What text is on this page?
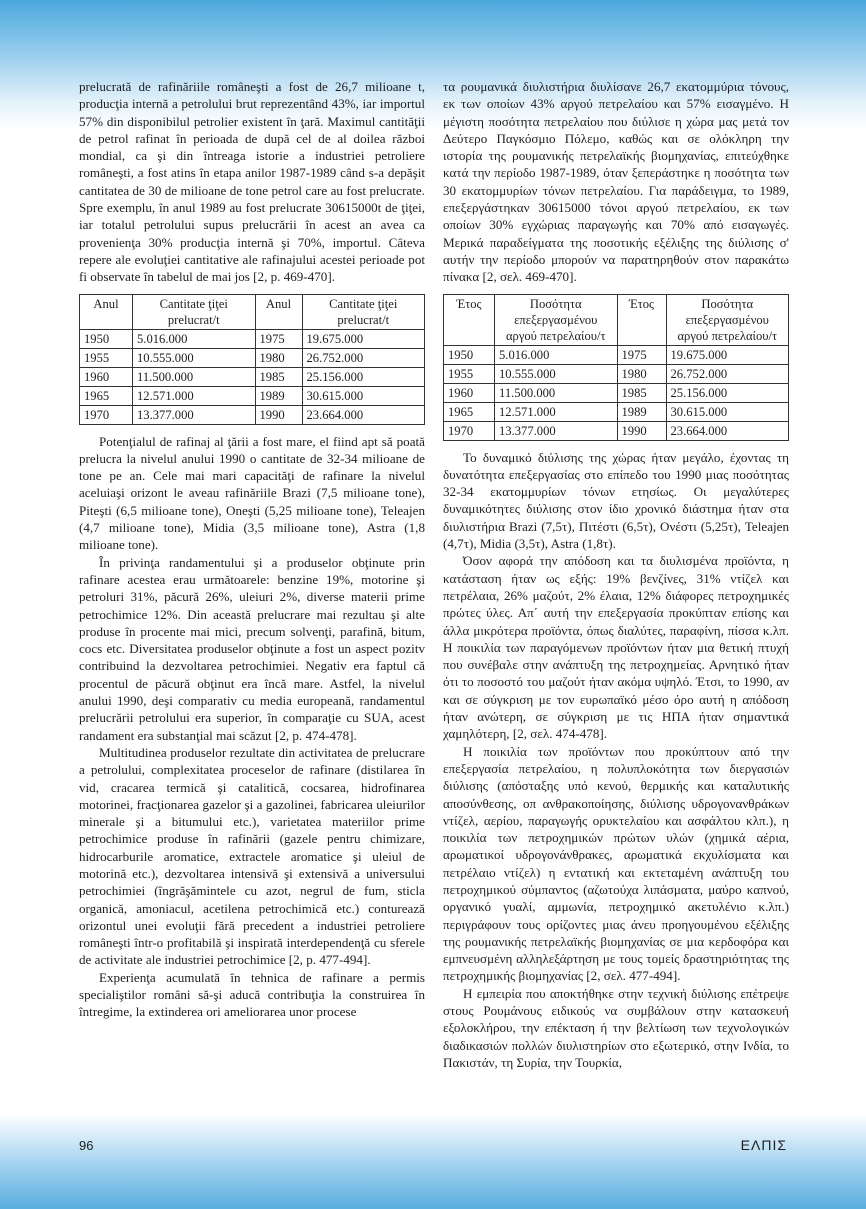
prelucrată de rafinăriile româneşti a fost de 26,7 milioane t, producţia internă a petrolului brut reprezentând 43%, iar importul 57% din disponibilul petrolier existent în ţară. Maximul cantităţii de petrol rafinat în perioada de după cel de al doilea război mondial, ca şi din întreaga istorie a industriei petroliere româneşti, a fost atins în etapa anilor 1987-1989 când s-a depăşit cantitatea de 30 de milioane de tone petrol care au fost prelucrate. Spre exemplu, în anul 1989 au fost prelucrate 30615000t de ţiţei, iar totalul petrolului supus prelucrării în acest an avea ca provenienţa 30% producţia internă şi 70%, importul. Câteva repere ale evoluţiei cantitative ale rafinajului acestei perioade pot fi observate în tabelul de mai jos [2, p. 469-470].

Anul	Cantitate ţiţei prelucrat/t	Anul	Cantitate ţiţei prelucrat/t
1950	5.016.000	1975	19.675.000
1955	10.555.000	1980	26.752.000
1960	11.500.000	1985	25.156.000
1965	12.571.000	1989	30.615.000
1970	13.377.000	1990	23.664.000

Potenţialul de rafinaj al ţării a fost mare, el fiind apt să poată prelucra la nivelul anului 1990 o cantitate de 32-34 milioane de tone pe an. Cele mai mari capacităţi de rafinare la nivelul aceluiaşi orizont le aveau rafinăriile Brazi (7,5 milioane tone), Piteşti (6,5 milioane tone), Oneşti (5,25 milioane tone), Teleajen (4,7 milioane tone), Midia (3,5 milioane tone), Astra (1,8 milioane tone).

În privinţa randamentului şi a produselor obţinute prin rafinare acestea erau următoarele: benzine 19%, motorine şi petroluri 31%, păcură 26%, uleiuri 2%, diverse materii prime petrochimice 12%. Din această prelucrare mai rezultau şi alte produse în procente mai mici, precum solvenţi, parafină, bitum, cocs etc. Diversitatea produselor obţinute a fost un aspect pozitv contribuind la dezvoltarea petrochimiei. Negativ era faptul că procentul de păcură obţinut era încă mare. Astfel, la nivelul anului 1990, deşi comparativ cu media europeană, randamentul prelucrării petrolului era superior, în comparaţie cu SUA, acest randament era substanţial mai scăzut [2, p. 474-478].

Multitudinea produselor rezultate din activitatea de prelucrare a petrolului, complexitatea proceselor de rafinare (distilarea în vid, cracarea termică şi catalitică, cocsarea, hidrofinarea motorinei, fracţionarea gazelor şi a gazolinei, fabricarea uleiurilor minerale şi a bitumului etc.), varietatea materiilor prime petrochimice produse în rafinării (gazele pentru chimizare, hidrocarburile aromatice, extractele aromatice şi uleiul de motorină etc.), dezvoltarea intensivă şi extensivă a universului petrochimiei (îngrăşămintele cu azot, negrul de fum, sticla organică, amoniacul, acetilena petrochimică etc.) conturează orizontul unei evoluţii fără precedent a industriei petroliere româneşti într-o profitabilă şi inspirată interdependenţă cu sferele de activitate ale industriei petrochimice [2, p. 477-494].

Experienţa acumulată în tehnica de rafinare a permis specialiştilor români să-şi aducă contribuţia la construirea în întregime, la extinderea ori ameliorarea unor procese

τα ρουμανικά διυλιστήρια διυλίσανε 26,7 εκατομμύρια τόνους, εκ των οποίων 43% αργού πετρελαίου και 57% εισαγμένο. Η μέγιστη ποσότητα πετρελαίου που διύλισε η χώρα μας μετά τον Δεύτερο Παγκόσμιο Πόλεμο, καθώς και σε ολόκληρη την ιστορία της ρουμανικής πετρελαϊκής βιομηχανίας, επιτεύχθηκε κατά την περίοδο 1987-1989, όταν ξεπεράστηκε η ποσότητα των 30 εκατομμυρίων τόνων πετρελαίου. Για παράδειγμα, το 1989, επεξεργάστηκαν 30615000 τόνοι αργού πετρελαίου, εκ των οποίων 30% εγχώριας παραγωγής και 70% από εισαγωγές. Μερικά παραδείγματα της ποσοτικής εξέλιξης της διύλισης σ' αυτήν την περίοδο μπορούν να παρατηρηθούν στον παρακάτω πίνακα [2, σελ. 469-470].

Έτος	Ποσότητα επεξεργασμένου αργού πετρελαίου/τ	Έτος	Ποσότητα επεξεργασμένου αργού πετρελαίου/τ
1950	5.016.000	1975	19.675.000
1955	10.555.000	1980	26.752.000
1960	11.500.000	1985	25.156.000
1965	12.571.000	1989	30.615.000
1970	13.377.000	1990	23.664.000

Το δυναμικό διύλισης της χώρας ήταν μεγάλο, έχοντας τη δυνατότητα επεξεργασίας στο επίπεδο του 1990 μιας ποσότητας 32-34 εκατομμυρίων τόνων ετησίως. Οι μεγαλύτερες δυναμικότητες διύλισης στον ίδιο χρονικό διάστημα ήταν στα διυλιστήρια Brazi (7,5τ), Πιτέστι (6,5τ), Ονέστι (5,25τ), Teleajen (4,7τ), Midia (3,5τ), Astra (1,8τ).

Όσον αφορά την απόδοση και τα διυλισμένα προϊόντα, η κατάσταση ήταν ως εξής: 19% βενζίνες, 31% ντίζελ και πετρέλαια, 26% μαζούτ, 2% έλαια, 12% διάφορες πετροχημικές πρώτες ύλες. Απ΄ αυτή την επεξεργασία προκύπταν επίσης και άλλα μικρότερα προϊόντα, όπως διαλύτες, παραφίνη, πίσσα κ.λπ. Η ποικιλία των παραγόμενων προϊόντων ήταν μια θετική πτυχή που συνέβαλε στην ανάπτυξη της πετροχημείας. Αρνητικό ήταν ότι το ποσοστό του μαζούτ ήταν ακόμα υψηλό. Έτσι, το 1990, αν και σε σύγκριση με τον ευρωπαϊκό μέσο όρο αυτή η απόδοση ήταν ανώτερη, σε σύγκριση με τις ΗΠΑ ήταν σημαντικά χαμηλότερη, [2, σελ. 474-478].

Η ποικιλία των προϊόντων που προκύπτουν από την επεξεργασία πετρελαίου, η πολυπλοκότητα των διεργασιών διύλισης (απόσταξης υπό κενού, θερμικής και καταλυτικής αποσύνθεσης, οπ ανθρακοποίησης, διύλισης υδρογονανθράκων ντίζελ, αερίου, παραγωγής ορυκτελαίου και ασφάλτου κλπ.), η ποικιλία των πετροχημικών πρώτων υλών (χημικά αέρια, αρωματικοί υδρογονάνθρακες, αρωματικά εκχυλίσματα και πετρέλαιο ντίζελ) η εντατική και εκτεταμένη ανάπτυξη του πετροχημικού σύμπαντος (αζωτούχα λιπάσματα, μαύρο καπνού, οργανικό γυαλί, αμμωνία, πετροχημικό ακετυλένιο κ.λπ.) περιγράφουν τους ορίζοντες μιας άνευ προηγουμένου εξέλιξης της ρουμανικής πετρελαϊκής βιομηχανίας σε μια κερδοφόρα και εμπνευσμένη αλληλεξάρτηση με τους τομείς δραστηριότητας της πετροχημικής βιομηχανίας [2, σελ. 477-494].

Η εμπειρία που αποκτήθηκε στην τεχνική διύλισης επέτρεψε στους Ρουμάνους ειδικούς να συμβάλουν στην κατασκευή εξολοκλήρου, την επέκταση ή την βελτίωση των τεχνολογικών διαδικασιών πολλών διυλιστηρίων στο εξωτερικό, στην Ινδία, το Πακιστάν, τη Συρία, την Τουρκία,

96	ΕΛΠΙΣ
